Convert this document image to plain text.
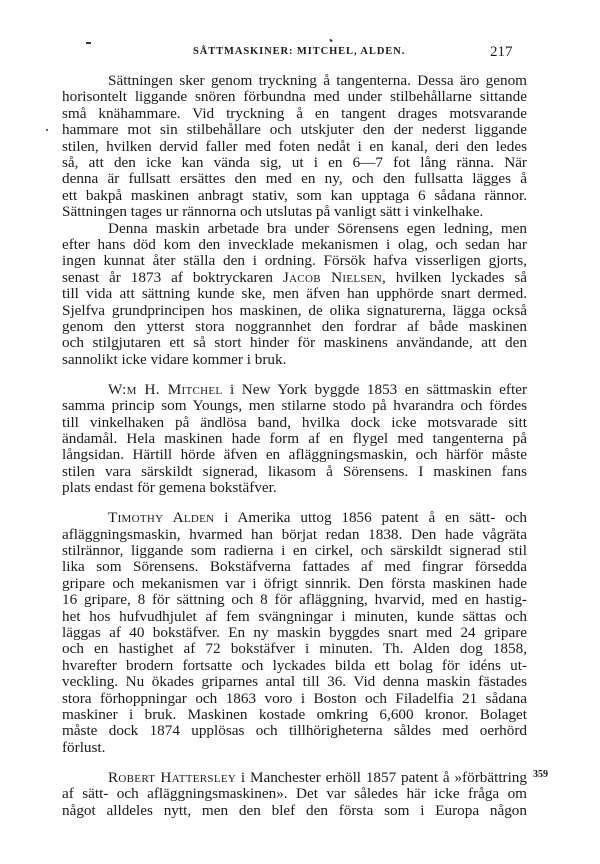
SÅTTMASKINER: MITCHEL, ALDEN.	217
359
Sättningen sker genom tryckning å tangenterna. Dessa äro genom
horisontelt liggande snören förbundna med under stilbehållarne sittande
små knähammare. Vid tryckning å en tangent drages motsvarande
hammare mot sin stilbehållare och utskjuter den der nederst liggande
stilen, hvilken dervid faller med foten nedåt i en kanal, deri den ledes
så, att den icke kan vända sig, ut i en 6—7 fot lång ränna. När
denna är fullsatt ersättes den med en ny, och den fullsatta lägges å
ett bakpå maskinen anbragt stativ, som kan upptaga 6 sådana rännor.
Sättningen tages ur rännorna och utslutas på vanligt sätt i vinkelhake.
Denna maskin arbetade bra under Sörensens egen ledning, men
efter hans död kom den invecklade mekanismen i olag, och sedan har
ingen kunnat åter ställa den i ordning. Försök hafva visserligen gjorts,
senast år 1873 af boktryckaren Jacob Nielsen, hvilken lyckades så
till vida att sättning kunde ske, men äfven han upphörde snart dermed.
Sjelfva grundprincipen hos maskinen, de olika signaturerna, lägga också
genom den ytterst stora noggrannhet den fordrar af både maskinen
och stilgjutaren ett så stort hinder för maskinens användande, att den
sannolikt icke vidare kommer i bruk.
W:m H. Mitchel i New York byggde 1853 en sättmaskin efter
samma princip som Youngs, men stilarne stodo på hvarandra och fördes
till vinkelhaken på ändlösa band, hvilka dock icke motsvarade sitt
ändamål. Hela maskinen hade form af en flygel med tangenterna på
långsidan. Härtill hörde äfven en afläggningsmaskin, och härför måste
stilen vara särskildt signerad, likasom å Sörensens. I maskinen fans
plats endast för gemena bokstäfver.
Timothy Alden i Amerika uttog 1856 patent å en sätt- och
afläggningsmaskin, hvarmed han börjat redan 1838. Den hade vågräta
stilrännor, liggande som radierna i en cirkel, och särskildt signerad stil
lika som Sörensens. Bokstäfverna fattades af med fingrar försedda
gripare och mekanismen var i öfrigt sinnrik. Den första maskinen hade
16 gripare, 8 för sättning och 8 för afläggning, hvarvid, med en hastig-
het hos hufvudhjulet af fem svängningar i minuten, kunde sättas och
läggas af 40 bokstäfver. En ny maskin byggdes snart med 24 gripare
och en hastighet af 72 bokstäfver i minuten. Th. Alden dog 1858,
hvarefter brodern fortsatte och lyckades bilda ett bolag för idéns ut-
veckling. Nu ökades griparnes antal till 36. Vid denna maskin fästades
stora förhoppningar och 1863 voro i Boston och Filadelfia 21 sådana
maskiner i bruk. Maskinen kostade omkring 6,600 kronor. Bolaget
måste dock 1874 upplösas och tillhörigheterna såldes med oerhörd
förlust.
Robert Hattersley i Manchester erhöll 1857 patent å »förbättring
af sätt- och afläggningsmaskinen». Det var således här icke fråga om
något alldeles nytt, men den blef den första som i Europa någon
